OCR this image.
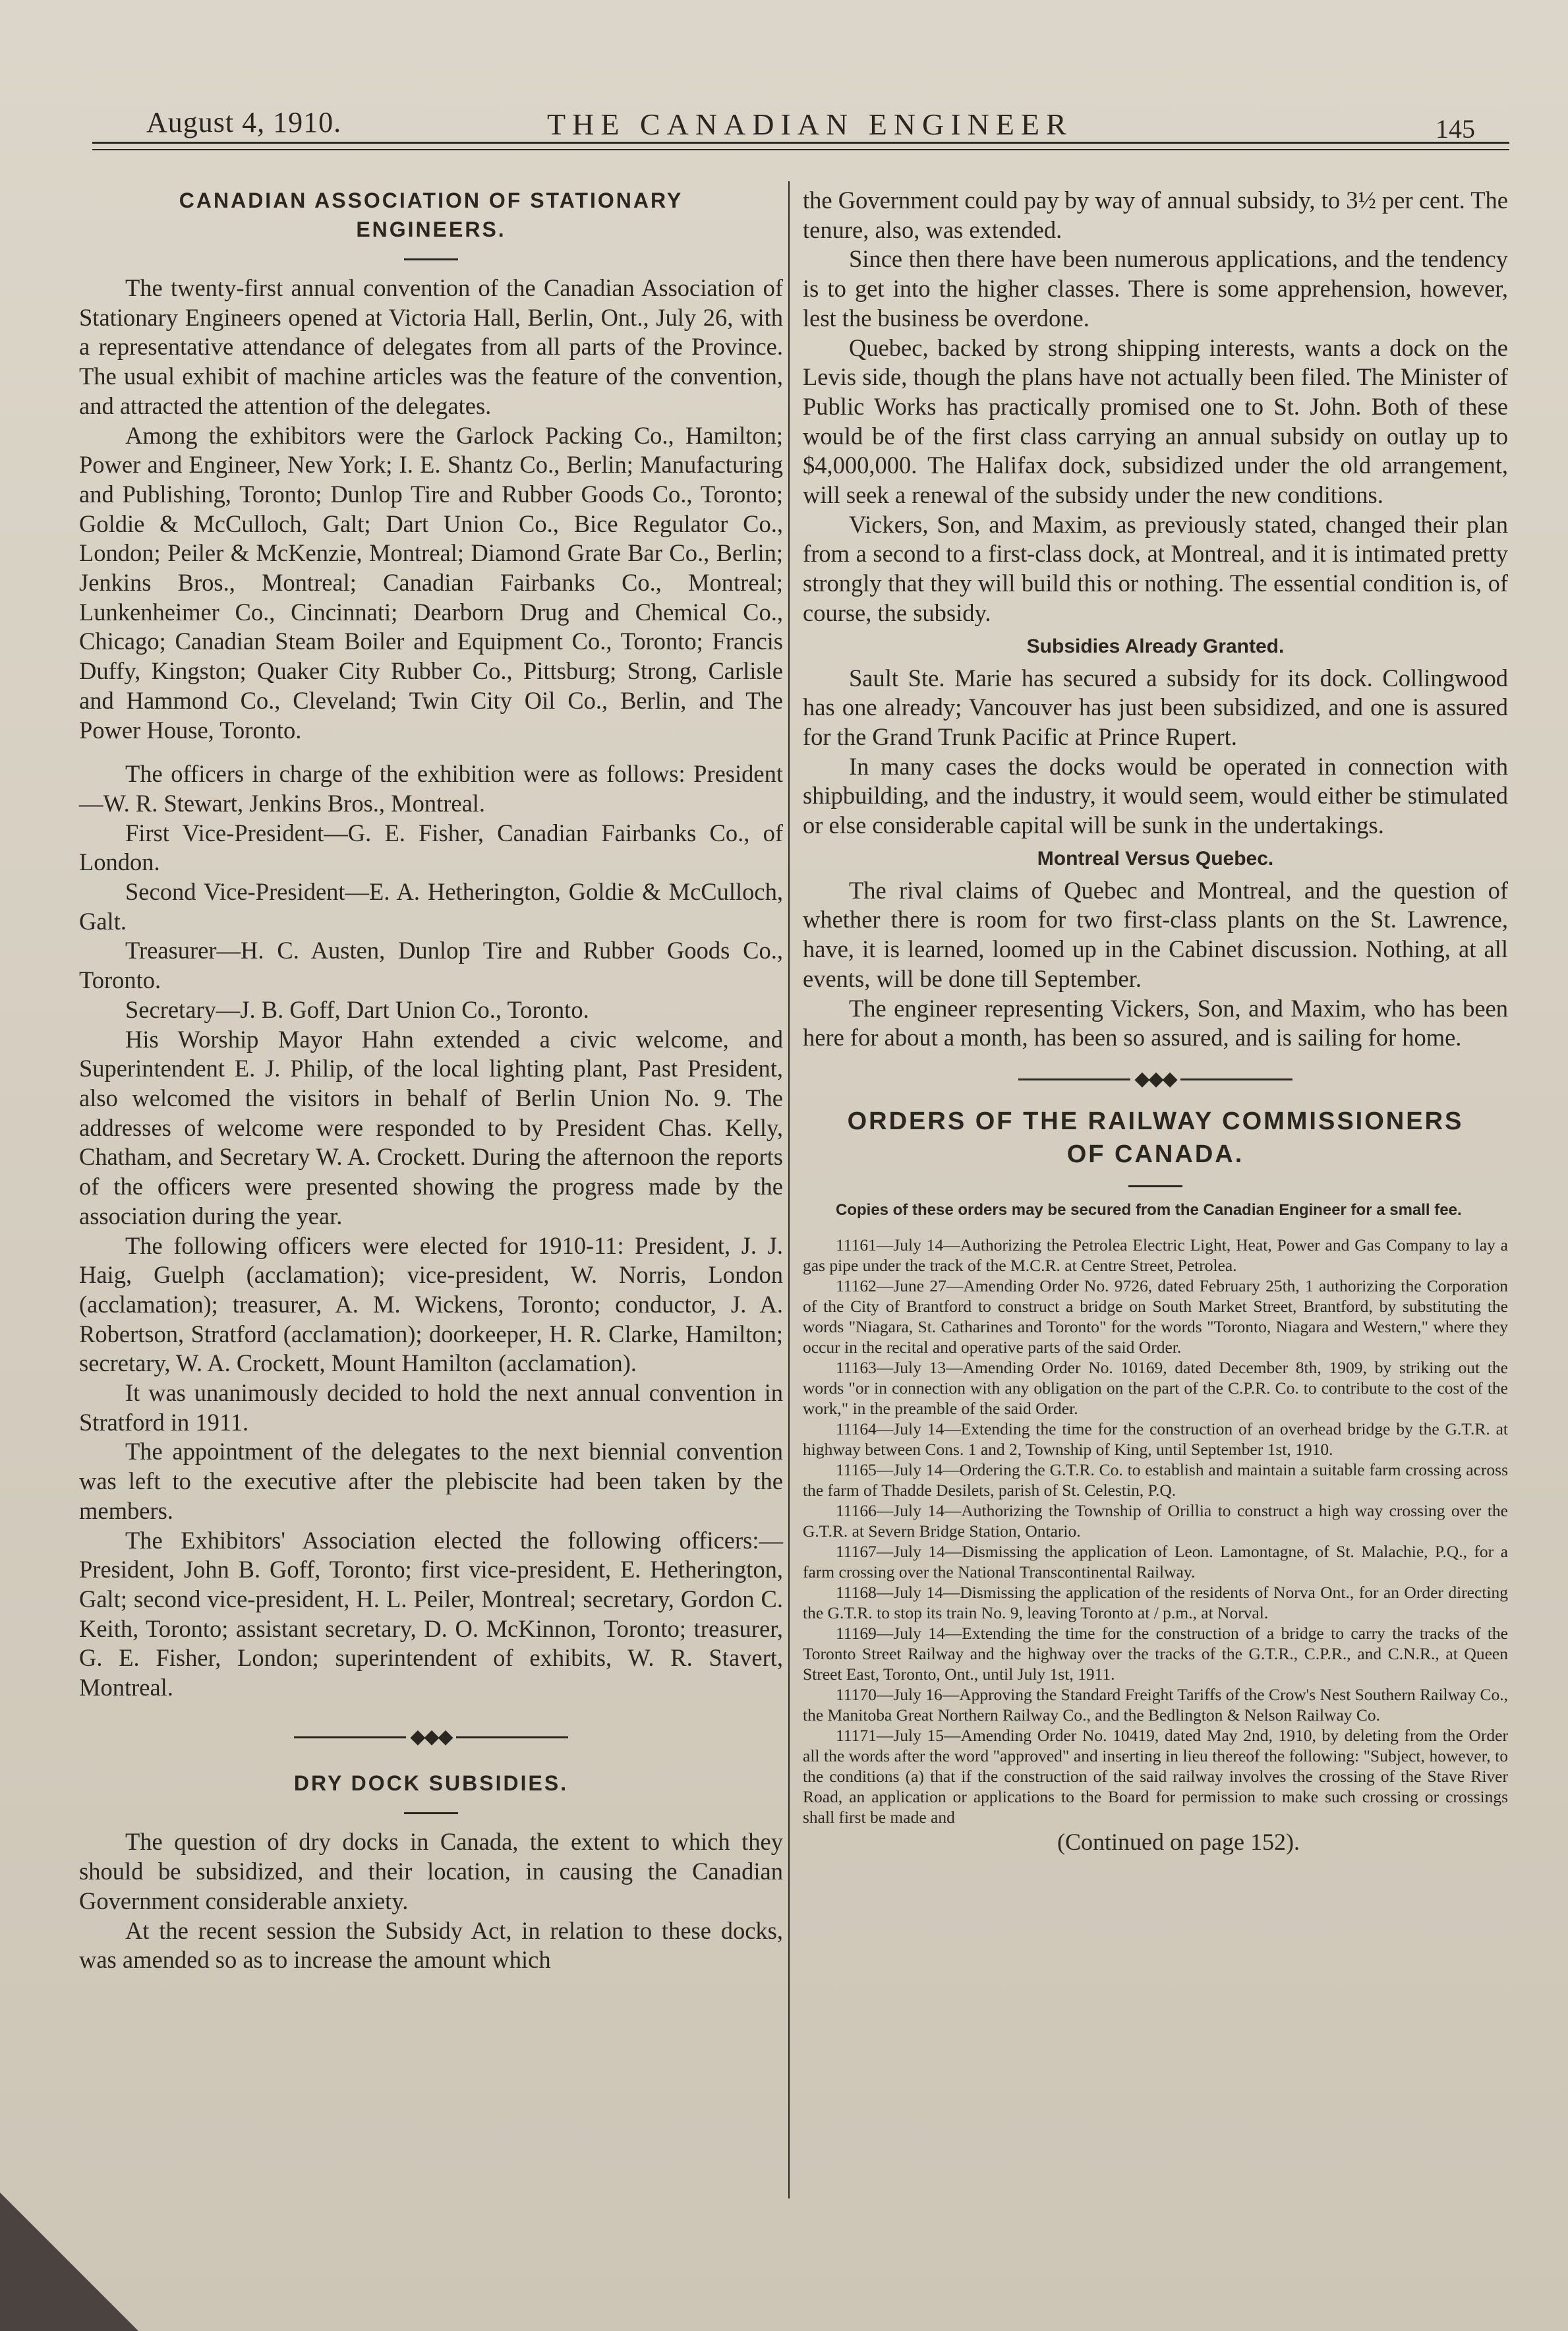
August 4, 1910.	THE CANADIAN ENGINEER	145
CANADIAN ASSOCIATION OF STATIONARY
ENGINEERS.

The twenty-first annual convention of the Canadian Association of Stationary Engineers opened at Victoria Hall, Berlin, Ont., July 26, with a representative attendance of delegates from all parts of the Province. The usual exhibit of machine articles was the feature of the convention, and attracted the attention of the delegates.

Among the exhibitors were the Garlock Packing Co., Hamilton; Power and Engineer, New York; I. E. Shantz Co., Berlin; Manufacturing and Publishing, Toronto; Dunlop Tire and Rubber Goods Co., Toronto; Goldie & McCulloch, Galt; Dart Union Co., Bice Regulator Co., London; Peiler & McKenzie, Montreal; Diamond Grate Bar Co., Berlin; Jenkins Bros., Montreal; Canadian Fairbanks Co., Montreal; Lunkenheimer Co., Cincinnati; Dearborn Drug and Chemical Co., Chicago; Canadian Steam Boiler and Equipment Co., Toronto; Francis Duffy, Kingston; Quaker City Rubber Co., Pittsburg; Strong, Carlisle and Hammond Co., Cleveland; Twin City Oil Co., Berlin, and The Power House, Toronto.

The officers in charge of the exhibition were as follows: President—W. R. Stewart, Jenkins Bros., Montreal.

First Vice-President—G. E. Fisher, Canadian Fairbanks Co., of London.

Second Vice-President—E. A. Hetherington, Goldie & McCulloch, Galt.

Treasurer—H. C. Austen, Dunlop Tire and Rubber Goods Co., Toronto.

Secretary—J. B. Goff, Dart Union Co., Toronto.

His Worship Mayor Hahn extended a civic welcome, and Superintendent E. J. Philip, of the local lighting plant, Past President, also welcomed the visitors in behalf of Berlin Union No. 9. The addresses of welcome were responded to by President Chas. Kelly, Chatham, and Secretary W. A. Crockett. During the afternoon the reports of the officers were presented showing the progress made by the association during the year.

The following officers were elected for 1910-11: President, J. J. Haig, Guelph (acclamation); vice-president, W. Norris, London (acclamation); treasurer, A. M. Wickens, Toronto; conductor, J. A. Robertson, Stratford (acclamation); doorkeeper, H. R. Clarke, Hamilton; secretary, W. A. Crockett, Mount Hamilton (acclamation).

It was unanimously decided to hold the next annual convention in Stratford in 1911.

The appointment of the delegates to the next biennial convention was left to the executive after the plebiscite had been taken by the members.

The Exhibitors' Association elected the following officers:—President, John B. Goff, Toronto; first vice-president, E. Hetherington, Galt; second vice-president, H. L. Peiler, Montreal; secretary, Gordon C. Keith, Toronto; assistant secretary, D. O. McKinnon, Toronto; treasurer, G. E. Fisher, London; superintendent of exhibits, W. R. Stavert, Montreal.

◆◆◆
DRY DOCK SUBSIDIES.

The question of dry docks in Canada, the extent to which they should be subsidized, and their location, in causing the Canadian Government considerable anxiety.

At the recent session the Subsidy Act, in relation to these docks, was amended so as to increase the amount which

the Government could pay by way of annual subsidy, to 3½ per cent. The tenure, also, was extended.

Since then there have been numerous applications, and the tendency is to get into the higher classes. There is some apprehension, however, lest the business be overdone.

Quebec, backed by strong shipping interests, wants a dock on the Levis side, though the plans have not actually been filed. The Minister of Public Works has practically promised one to St. John. Both of these would be of the first class carrying an annual subsidy on outlay up to $4,000,000. The Halifax dock, subsidized under the old arrangement, will seek a renewal of the subsidy under the new conditions.

Vickers, Son, and Maxim, as previously stated, changed their plan from a second to a first-class dock, at Montreal, and it is intimated pretty strongly that they will build this or nothing. The essential condition is, of course, the subsidy.

Subsidies Already Granted.

Sault Ste. Marie has secured a subsidy for its dock. Collingwood has one already; Vancouver has just been subsidized, and one is assured for the Grand Trunk Pacific at Prince Rupert.

In many cases the docks would be operated in connection with shipbuilding, and the industry, it would seem, would either be stimulated or else considerable capital will be sunk in the undertakings.

Montreal Versus Quebec.

The rival claims of Quebec and Montreal, and the question of whether there is room for two first-class plants on the St. Lawrence, have, it is learned, loomed up in the Cabinet discussion. Nothing, at all events, will be done till September.

The engineer representing Vickers, Son, and Maxim, who has been here for about a month, has been so assured, and is sailing for home.

◆◆◆
ORDERS OF THE RAILWAY COMMISSIONERS
OF CANADA.

Copies of these orders may be secured from the Canadian Engineer for a small fee.

11161—July 14—Authorizing the Petrolea Electric Light, Heat, Power and Gas Company to lay a gas pipe under the track of the M.C.R. at Centre Street, Petrolea.

11162—June 27—Amending Order No. 9726, dated February 25th, 1 authorizing the Corporation of the City of Brantford to construct a bridge on South Market Street, Brantford, by substituting the words "Niagara, St. Catharines and Toronto" for the words "Toronto, Niagara and Western," where they occur in the recital and operative parts of the said Order.

11163—July 13—Amending Order No. 10169, dated December 8th, 1909, by striking out the words "or in connection with any obligation on the part of the C.P.R. Co. to contribute to the cost of the work," in the preamble of the said Order.

11164—July 14—Extending the time for the construction of an overhead bridge by the G.T.R. at highway between Cons. 1 and 2, Township of King, until September 1st, 1910.

11165—July 14—Ordering the G.T.R. Co. to establish and maintain a suitable farm crossing across the farm of Thadde Desilets, parish of St. Celestin, P.Q.

11166—July 14—Authorizing the Township of Orillia to construct a high way crossing over the G.T.R. at Severn Bridge Station, Ontario.

11167—July 14—Dismissing the application of Leon. Lamontagne, of St. Malachie, P.Q., for a farm crossing over the National Transcontinental Railway.

11168—July 14—Dismissing the application of the residents of Norva Ont., for an Order directing the G.T.R. to stop its train No. 9, leaving Toronto at / p.m., at Norval.

11169—July 14—Extending the time for the construction of a bridge to carry the tracks of the Toronto Street Railway and the highway over the tracks of the G.T.R., C.P.R., and C.N.R., at Queen Street East, Toronto, Ont., until July 1st, 1911.

11170—July 16—Approving the Standard Freight Tariffs of the Crow's Nest Southern Railway Co., the Manitoba Great Northern Railway Co., and the Bedlington & Nelson Railway Co.

11171—July 15—Amending Order No. 10419, dated May 2nd, 1910, by deleting from the Order all the words after the word "approved" and inserting in lieu thereof the following: "Subject, however, to the conditions (a) that if the construction of the said railway involves the crossing of the Stave River Road, an application or applications to the Board for permission to make such crossing or crossings shall first be made and

(Continued on page 152).
